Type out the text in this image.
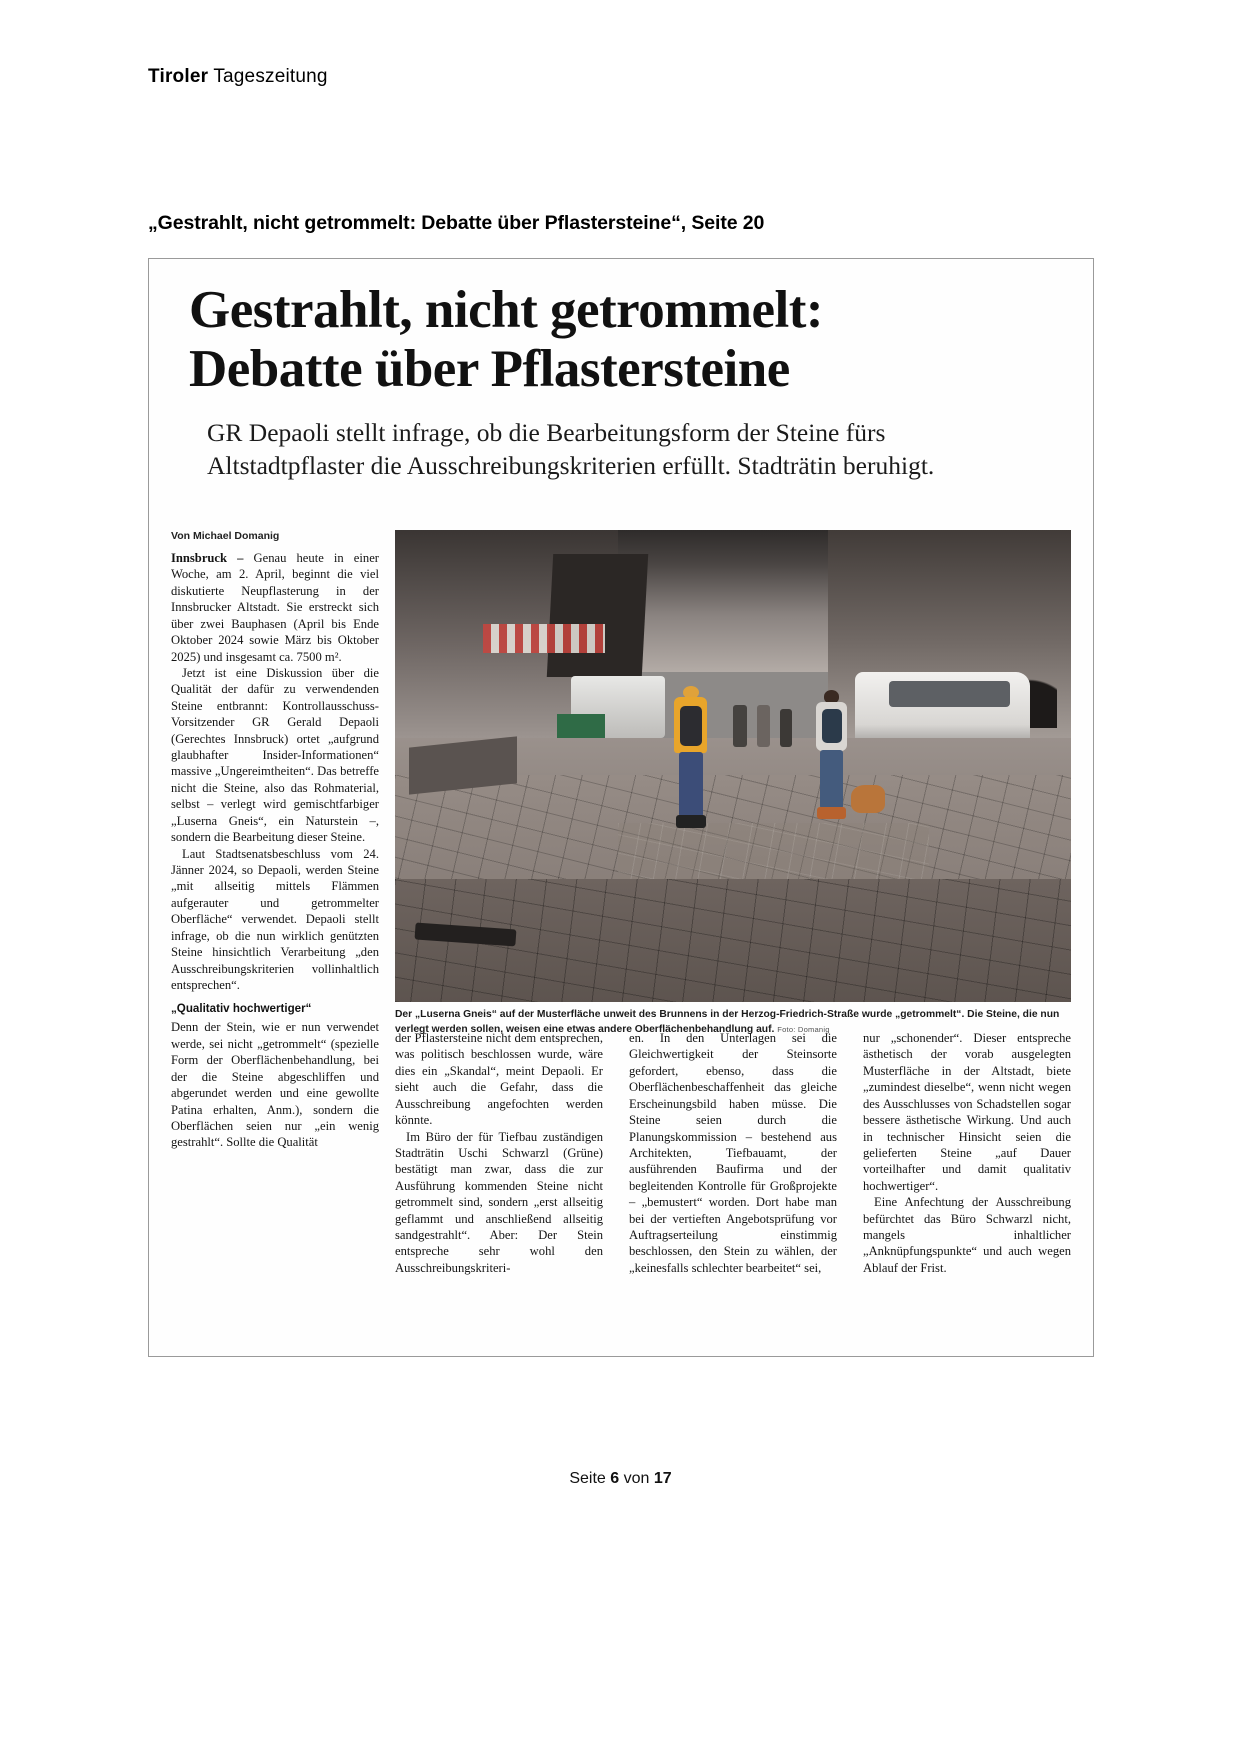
Tiroler Tageszeitung
„Gestrahlt, nicht getrommelt: Debatte über Pflastersteine“, Seite 20
Gestrahlt, nicht getrommelt:
Debatte über Pflastersteine
GR Depaoli stellt infrage, ob die Bearbeitungsform der Steine fürs Altstadtpflaster die Ausschreibungskriterien erfüllt. Stadträtin beruhigt.
Von Michael Domanig

Innsbruck – Genau heute in einer Woche, am 2. April, beginnt die viel diskutierte Neupflasterung in der Innsbrucker Altstadt. Sie erstreckt sich über zwei Bauphasen (April bis Ende Oktober 2024 sowie März bis Oktober 2025) und insgesamt ca. 7500 m².

Jetzt ist eine Diskussion über die Qualität der dafür zu verwendenden Steine entbrannt: Kontrollausschuss-Vorsitzender GR Gerald Depaoli (Gerechtes Innsbruck) ortet „aufgrund glaubhafter Insider-Informationen“ massive „Ungereimtheiten“. Das betreffe nicht die Steine, also das Rohmaterial, selbst – verlegt wird gemischtfarbiger „Luserna Gneis“, ein Naturstein –, sondern die Bearbeitung dieser Steine.

Laut Stadtsenatsbeschluss vom 24. Jänner 2024, so Depaoli, werden Steine „mit allseitig mittels Flämmen aufgerauter und getrommelter Oberfläche“ verwendet. Depaoli stellt infrage, ob die nun wirklich genützten Steine hinsichtlich Verarbeitung „den Ausschreibungskriterien vollinhaltlich entsprechen“.

„Qualitativ hochwertiger“

Denn der Stein, wie er nun verwendet werde, sei nicht „getrommelt“ (spezielle Form der Oberflächenbehandlung, bei der die Steine abgeschliffen und abgerundet werden und eine gewollte Patina erhalten, Anm.), sondern die Oberflächen seien nur „ein wenig gestrahlt“. Sollte die Qualität

Der „Luserna Gneis“ auf der Musterfläche unweit des Brunnens in der Herzog-Friedrich-Straße wurde „getrommelt“. Die Steine, die nun verlegt werden sollen, weisen eine etwas andere Oberflächenbehandlung auf. Foto: Domanig

der Pflastersteine nicht dem entsprechen, was politisch beschlossen wurde, wäre dies ein „Skandal“, meint Depaoli. Er sieht auch die Gefahr, dass die Ausschreibung angefochten werden könnte.

Im Büro der für Tiefbau zuständigen Stadträtin Uschi Schwarzl (Grüne) bestätigt man zwar, dass die zur Ausführung kommenden Steine nicht getrommelt sind, sondern „erst allseitig geflammt und anschließend allseitig sandgestrahlt“. Aber: Der Stein entspreche sehr wohl den Ausschreibungskriteri-

en. In den Unterlagen sei die Gleichwertigkeit der Steinsorte gefordert, ebenso, dass die Oberflächenbeschaffenheit das gleiche Erscheinungsbild haben müsse. Die Steine seien durch die Planungskommission – bestehend aus Architekten, Tiefbauamt, der ausführenden Baufirma und der begleitenden Kontrolle für Großprojekte – „bemustert“ worden. Dort habe man bei der vertieften Angebotsprüfung vor Auftragserteilung einstimmig beschlossen, den Stein zu wählen, der „keinesfalls schlechter bearbeitet“ sei,

nur „schonender“. Dieser entspreche ästhetisch der vorab ausgelegten Musterfläche in der Altstadt, biete „zumindest dieselbe“, wenn nicht wegen des Ausschlusses von Schadstellen sogar bessere ästhetische Wirkung. Und auch in technischer Hinsicht seien die gelieferten Steine „auf Dauer vorteilhafter und damit qualitativ hochwertiger“.

Eine Anfechtung der Ausschreibung befürchtet das Büro Schwarzl nicht, mangels inhaltlicher „Anknüpfungspunkte“ und auch wegen Ablauf der Frist.

Seite 6 von 17
